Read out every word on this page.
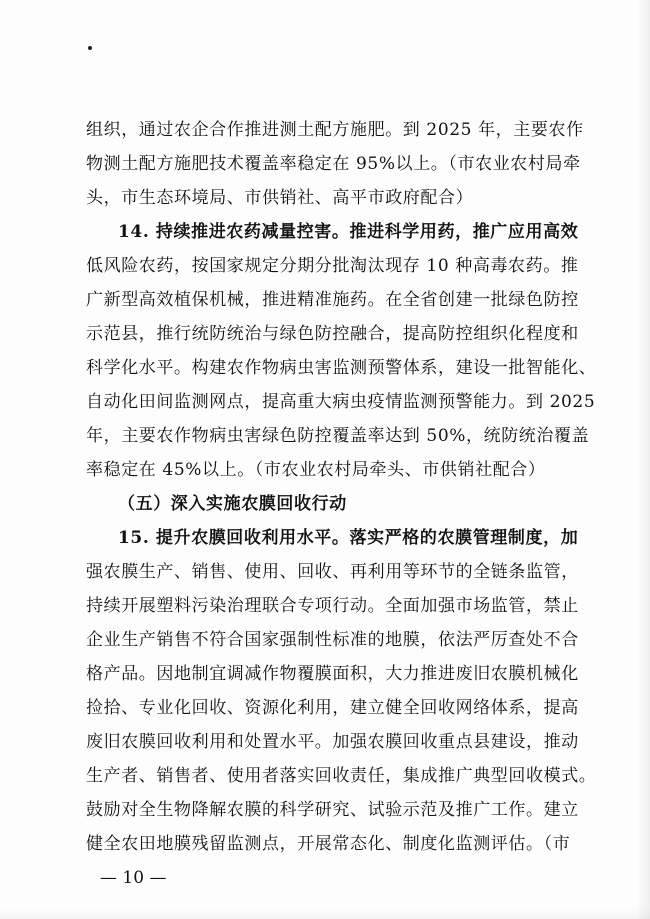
组织，通过农企合作推进测土配方施肥。到 2025 年，主要农作
物测土配方施肥技术覆盖率稳定在 95%以上。（市农业农村局牵
头，市生态环境局、市供销社、高平市政府配合）
14. 持续推进农药减量控害。推进科学用药，推广应用高效
低风险农药，按国家规定分期分批淘汰现存 10 种高毒农药。推
广新型高效植保机械，推进精准施药。在全省创建一批绿色防控
示范县，推行统防统治与绿色防控融合，提高防控组织化程度和
科学化水平。构建农作物病虫害监测预警体系，建设一批智能化、
自动化田间监测网点，提高重大病虫疫情监测预警能力。到 2025
年，主要农作物病虫害绿色防控覆盖率达到 50%，统防统治覆盖
率稳定在 45%以上。（市农业农村局牵头、市供销社配合）
（五）深入实施农膜回收行动
15. 提升农膜回收利用水平。落实严格的农膜管理制度，加
强农膜生产、销售、使用、回收、再利用等环节的全链条监管，
持续开展塑料污染治理联合专项行动。全面加强市场监管，禁止
企业生产销售不符合国家强制性标准的地膜，依法严厉查处不合
格产品。因地制宜调减作物覆膜面积，大力推进废旧农膜机械化
捡拾、专业化回收、资源化利用，建立健全回收网络体系，提高
废旧农膜回收利用和处置水平。加强农膜回收重点县建设，推动
生产者、销售者、使用者落实回收责任，集成推广典型回收模式。
鼓励对全生物降解农膜的科学研究、试验示范及推广工作。建立
健全农田地膜残留监测点，开展常态化、制度化监测评估。（市
— 10 —
